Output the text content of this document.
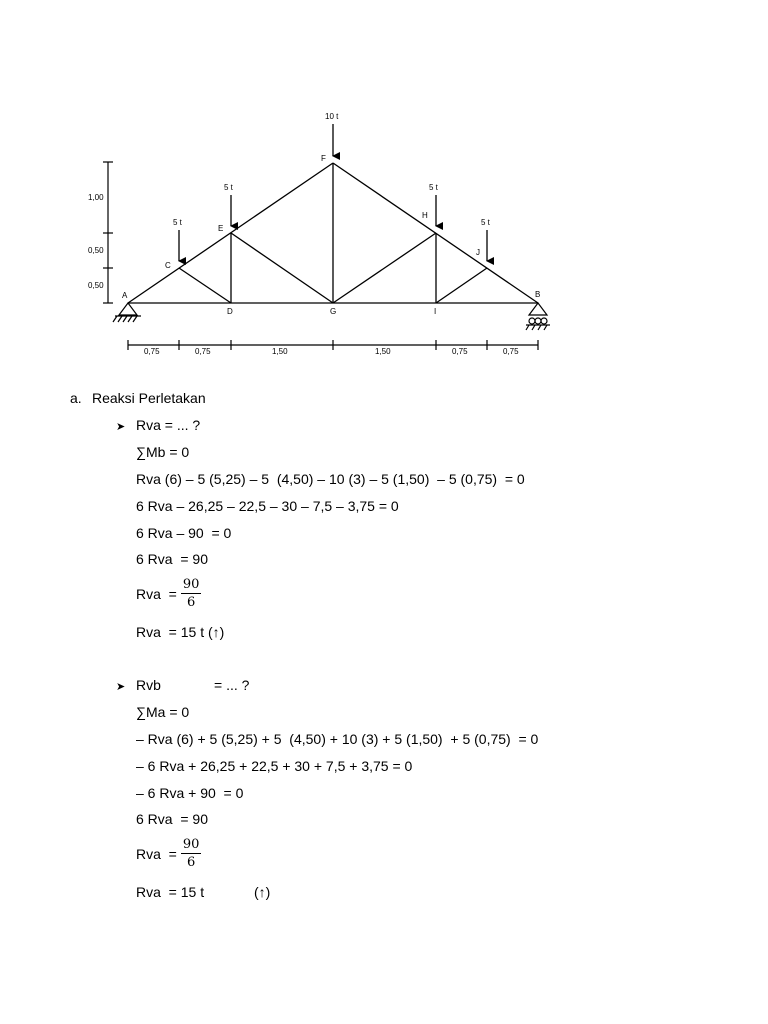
10 t
5 t
5 t
5 t
5 t
A	B
C
D
E
F
G
H
I
J
1,00
0,50
0,50
0,75	0,75	1,50	1,50	0,75	0,75
a. Reaksi Perletakan
➤ Rva = ... ?
∑Mb = 0
Rva (6) – 5 (5,25) – 5  (4,50) – 10 (3) – 5 (1,50)  – 5 (0,75)  = 0
6 Rva – 26,25 – 22,5 – 30 – 7,5 – 3,75 = 0
6 Rva – 90  = 0
6 Rva  = 90
Rva  = $\frac{90}{6}$
Rva  = 15 t (↑)
➤ Rvb	= ... ?
∑Ma = 0
– Rva (6) + 5 (5,25) + 5  (4,50) + 10 (3) + 5 (1,50)  + 5 (0,75)  = 0
– 6 Rva + 26,25 + 22,5 + 30 + 7,5 + 3,75 = 0
– 6 Rva + 90  = 0
6 Rva  = 90
Rva  = $\frac{90}{6}$
Rva  = 15 t	(↑)
